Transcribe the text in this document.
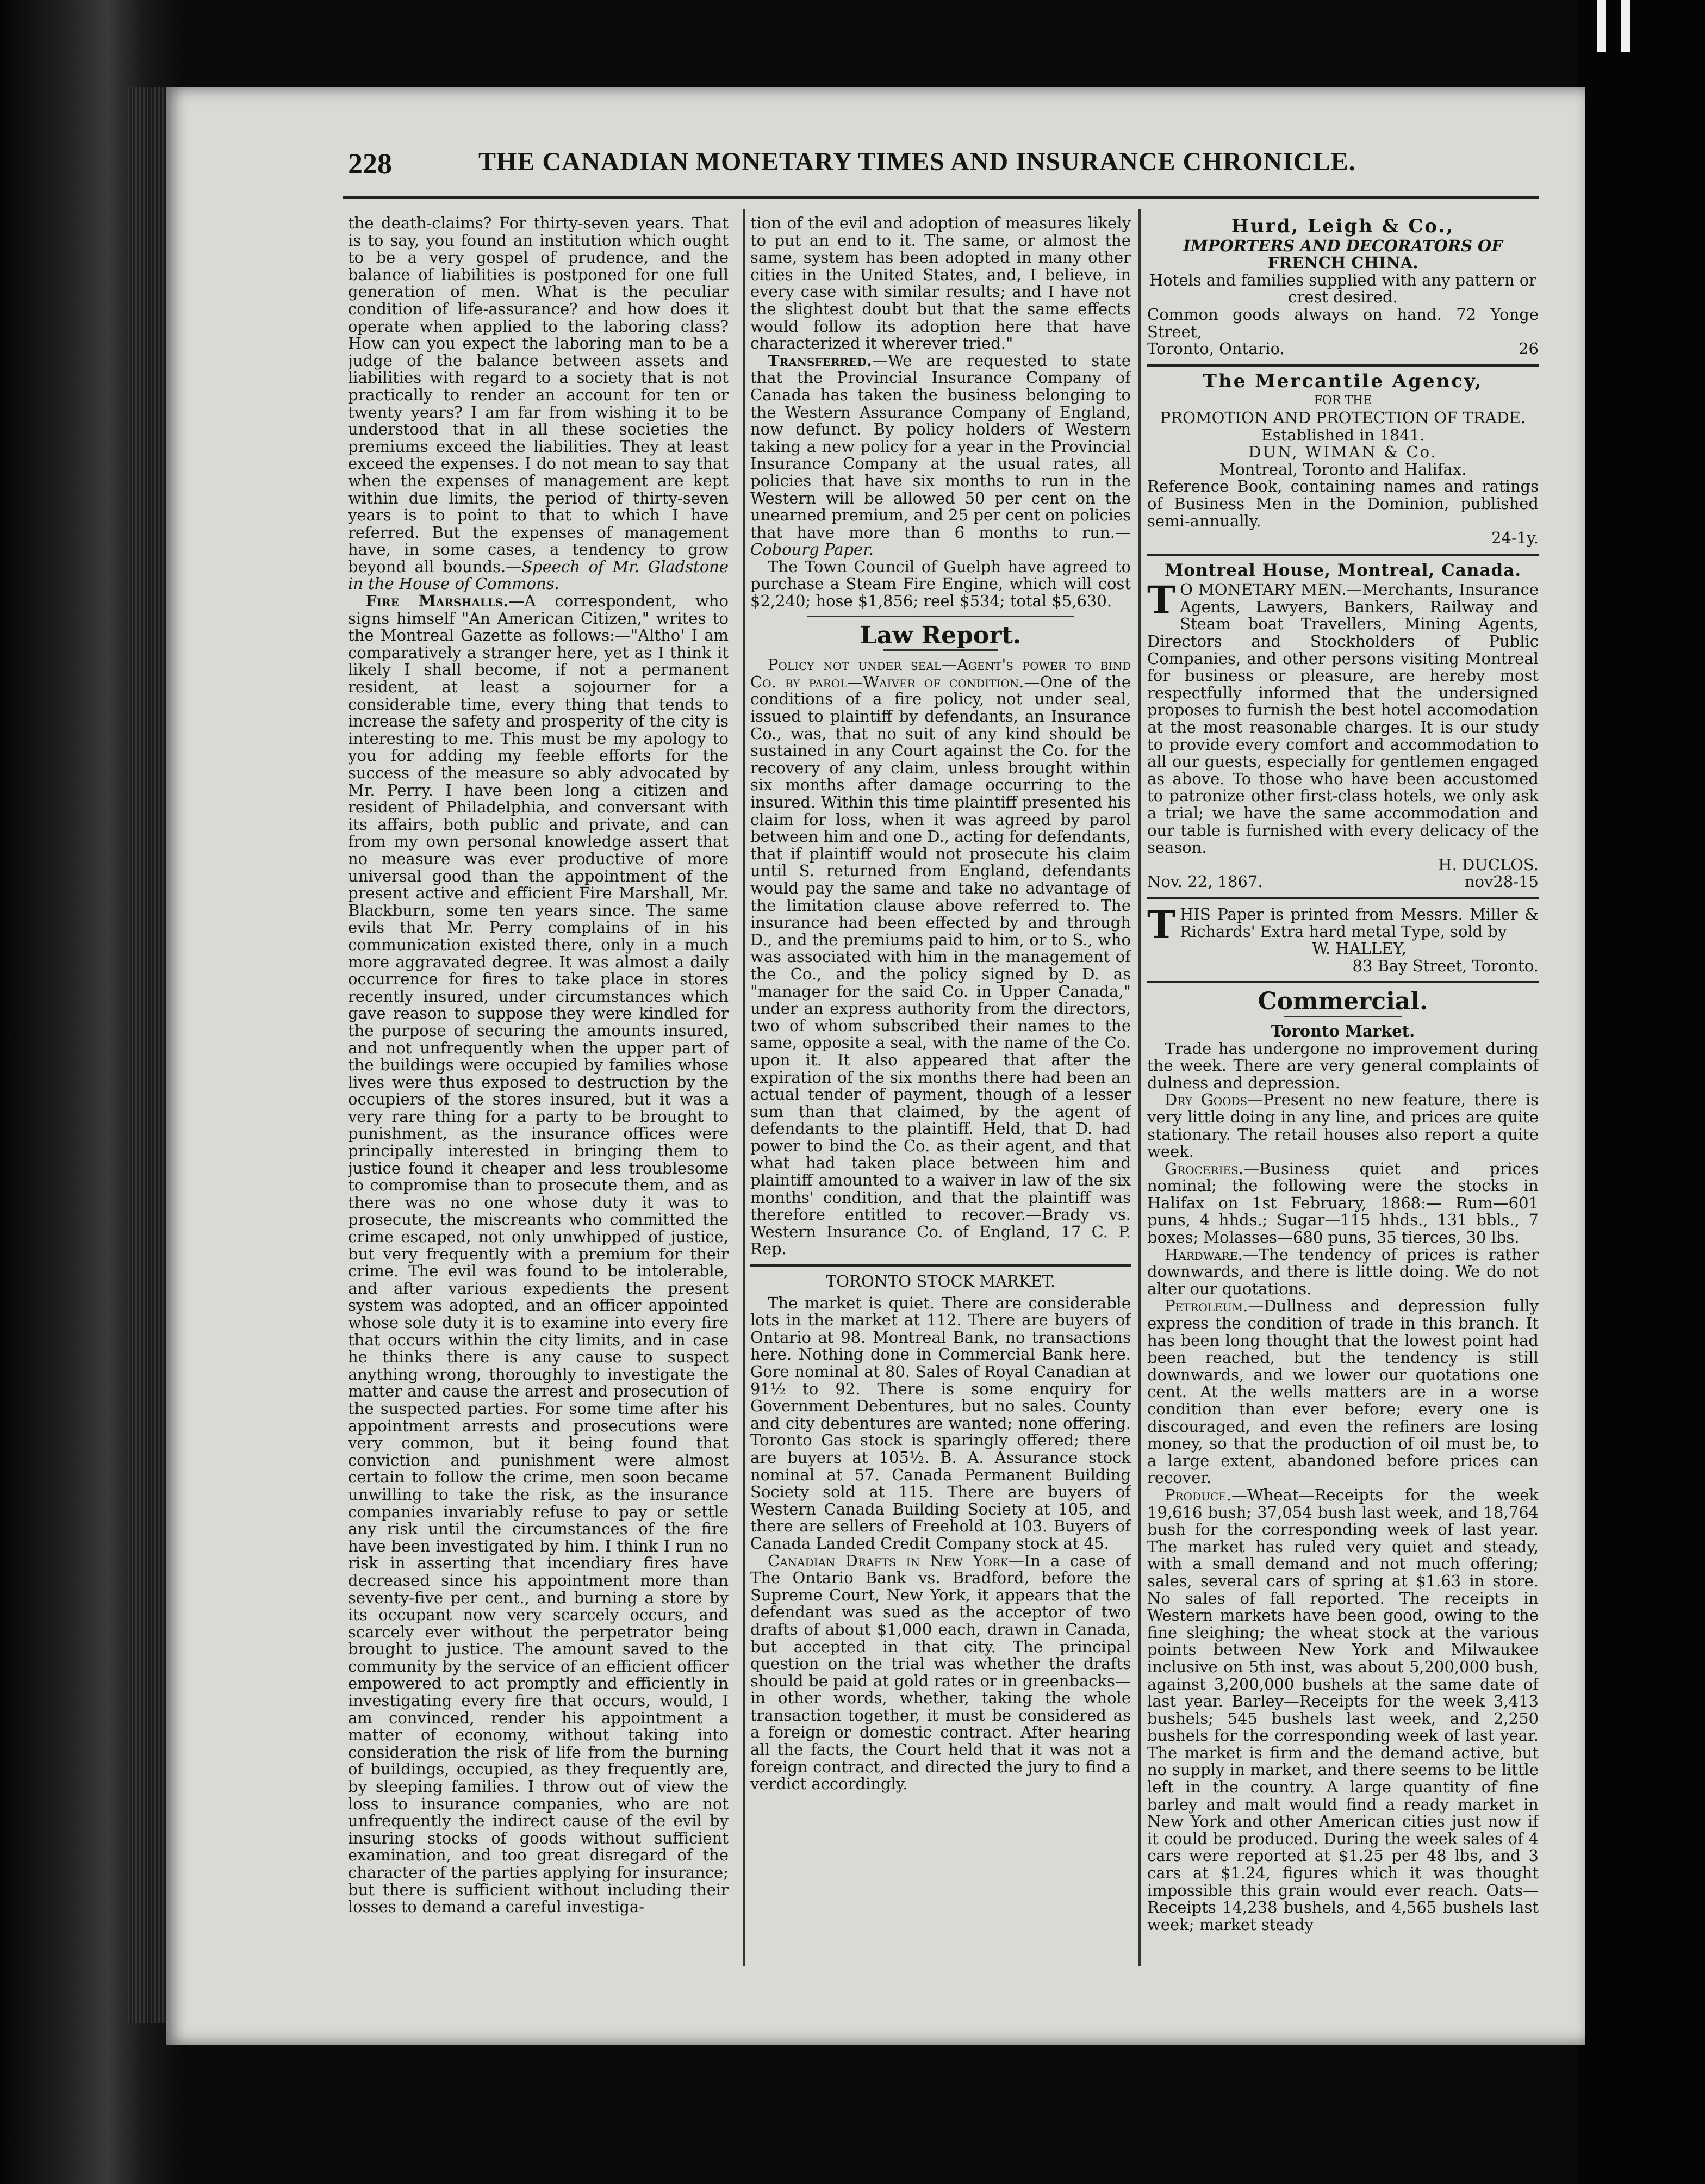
228	THE CANADIAN MONETARY TIMES AND INSURANCE CHRONICLE.

the death-claims? For thirty-seven years. That is to say, you found an institution which ought to be a very gospel of prudence, and the balance of liabilities is postponed for one full generation of men. What is the peculiar condition of life-assurance? and how does it operate when applied to the laboring class? How can you expect the laboring man to be a judge of the balance between assets and liabilities with regard to a society that is not practically to render an account for ten or twenty years? I am far from wishing it to be understood that in all these societies the premiums exceed the liabilities. They at least exceed the expenses. I do not mean to say that when the expenses of management are kept within due limits, the period of thirty-seven years is to point to that to which I have referred. But the expenses of management have, in some cases, a tendency to grow beyond all bounds.—Speech of Mr. Gladstone in the House of Commons.

Fire Marshalls.—A correspondent, who signs himself "An American Citizen," writes to the Montreal Gazette as follows:—"Altho' I am comparatively a stranger here, yet as I think it likely I shall become, if not a permanent resident, at least a sojourner for a considerable time, every thing that tends to increase the safety and prosperity of the city is interesting to me. This must be my apology to you for adding my feeble efforts for the success of the measure so ably advocated by Mr. Perry. I have been long a citizen and resident of Philadelphia, and conversant with its affairs, both public and private, and can from my own personal knowledge assert that no measure was ever productive of more universal good than the appointment of the present active and efficient Fire Marshall, Mr. Blackburn, some ten years since. The same evils that Mr. Perry complains of in his communication existed there, only in a much more aggravated degree. It was almost a daily occurrence for fires to take place in stores recently insured, under circumstances which gave reason to suppose they were kindled for the purpose of securing the amounts insured, and not unfrequently when the upper part of the buildings were occupied by families whose lives were thus exposed to destruction by the occupiers of the stores insured, but it was a very rare thing for a party to be brought to punishment, as the insurance offices were principally interested in bringing them to justice found it cheaper and less troublesome to compromise than to prosecute them, and as there was no one whose duty it was to prosecute, the miscreants who committed the crime escaped, not only unwhipped of justice, but very frequently with a premium for their crime. The evil was found to be intolerable, and after various expedients the present system was adopted, and an officer appointed whose sole duty it is to examine into every fire that occurs within the city limits, and in case he thinks there is any cause to suspect anything wrong, thoroughly to investigate the matter and cause the arrest and prosecution of the suspected parties. For some time after his appointment arrests and prosecutions were very common, but it being found that conviction and punishment were almost certain to follow the crime, men soon became unwilling to take the risk, as the insurance companies invariably refuse to pay or settle any risk until the circumstances of the fire have been investigated by him. I think I run no risk in asserting that incendiary fires have decreased since his appointment more than seventy-five per cent., and burning a store by its occupant now very scarcely occurs, and scarcely ever without the perpetrator being brought to justice. The amount saved to the community by the service of an efficient officer empowered to act promptly and efficiently in investigating every fire that occurs, would, I am convinced, render his appointment a matter of economy, without taking into consideration the risk of life from the burning of buildings, occupied, as they frequently are, by sleeping families. I throw out of view the loss to insurance companies, who are not unfrequently the indirect cause of the evil by insuring stocks of goods without sufficient examination, and too great disregard of the character of the parties applying for insurance; but there is sufficient without including their losses to demand a careful investiga-

tion of the evil and adoption of measures likely to put an end to it. The same, or almost the same, system has been adopted in many other cities in the United States, and, I believe, in every case with similar results; and I have not the slightest doubt but that the same effects would follow its adoption here that have characterized it wherever tried."

Transferred.—We are requested to state that the Provincial Insurance Company of Canada has taken the business belonging to the Western Assurance Company of England, now defunct. By policy holders of Western taking a new policy for a year in the Provincial Insurance Company at the usual rates, all policies that have six months to run in the Western will be allowed 50 per cent on the unearned premium, and 25 per cent on policies that have more than 6 months to run.—Cobourg Paper.

The Town Council of Guelph have agreed to purchase a Steam Fire Engine, which will cost $2,240; hose $1,856; reel $534; total $5,630.

Law Report.

Policy not under seal—Agent's power to bind Co. by parol—Waiver of condition.—One of the conditions of a fire policy, not under seal, issued to plaintiff by defendants, an Insurance Co., was, that no suit of any kind should be sustained in any Court against the Co. for the recovery of any claim, unless brought within six months after damage occurring to the insured. Within this time plaintiff presented his claim for loss, when it was agreed by parol between him and one D., acting for defendants, that if plaintiff would not prosecute his claim until S. returned from England, defendants would pay the same and take no advantage of the limitation clause above referred to. The insurance had been effected by and through D., and the premiums paid to him, or to S., who was associated with him in the management of the Co., and the policy signed by D. as "manager for the said Co. in Upper Canada," under an express authority from the directors, two of whom subscribed their names to the same, opposite a seal, with the name of the Co. upon it. It also appeared that after the expiration of the six months there had been an actual tender of payment, though of a lesser sum than that claimed, by the agent of defendants to the plaintiff. Held, that D. had power to bind the Co. as their agent, and that what had taken place between him and plaintiff amounted to a waiver in law of the six months' condition, and that the plaintiff was therefore entitled to recover.—Brady vs. Western Insurance Co. of England, 17 C. P. Rep.

TORONTO STOCK MARKET.

The market is quiet. There are considerable lots in the market at 112. There are buyers of Ontario at 98. Montreal Bank, no transactions here. Nothing done in Commercial Bank here. Gore nominal at 80. Sales of Royal Canadian at 91½ to 92. There is some enquiry for Government Debentures, but no sales. County and city debentures are wanted; none offering. Toronto Gas stock is sparingly offered; there are buyers at 105½. B. A. Assurance stock nominal at 57. Canada Permanent Building Society sold at 115. There are buyers of Western Canada Building Society at 105, and there are sellers of Freehold at 103. Buyers of Canada Landed Credit Company stock at 45.

Canadian Drafts in New York—In a case of The Ontario Bank vs. Bradford, before the Supreme Court, New York, it appears that the defendant was sued as the acceptor of two drafts of about $1,000 each, drawn in Canada, but accepted in that city. The principal question on the trial was whether the drafts should be paid at gold rates or in greenbacks—in other words, whether, taking the whole transaction together, it must be considered as a foreign or domestic contract. After hearing all the facts, the Court held that it was not a foreign contract, and directed the jury to find a verdict accordingly.

Hurd, Leigh & Co.,

IMPORTERS AND DECORATORS OF

FRENCH CHINA.

Hotels and families supplied with any pattern or crest desired.

Common goods always on hand. 72 Yonge Street,

Toronto, Ontario.	26

The Mercantile Agency,

FOR THE

PROMOTION AND PROTECTION OF TRADE.

Established in 1841.

DUN, WIMAN & Co.

Montreal, Toronto and Halifax.

Reference Book, containing names and ratings of Business Men in the Dominion, published semi-annually.

24-1y.

Montreal House, Montreal, Canada.

T O MONETARY MEN.—Merchants, Insurance Agents, Lawyers, Bankers, Railway and Steam boat Travellers, Mining Agents, Directors and Stockholders of Public Companies, and other persons visiting Montreal for business or pleasure, are hereby most respectfully informed that the undersigned proposes to furnish the best hotel accomodation at the most reasonable charges. It is our study to provide every comfort and accommodation to all our guests, especially for gentlemen engaged as above. To those who have been accustomed to patronize other first-class hotels, we only ask a trial; we have the same accommodation and our table is furnished with every delicacy of the season.

H. DUCLOS.

Nov. 22, 1867.	nov28-15

THIS Paper is printed from Messrs. Miller & Richards' Extra hard metal Type, sold by

W. HALLEY,

83 Bay Street, Toronto.

Commercial.

Toronto Market.

Trade has undergone no improvement during the week. There are very general complaints of dulness and depression.

Dry Goods—Present no new feature, there is very little doing in any line, and prices are quite stationary. The retail houses also report a quite week.

Groceries.—Business quiet and prices nominal; the following were the stocks in Halifax on 1st February, 1868:— Rum—601 puns, 4 hhds.; Sugar—115 hhds., 131 bbls., 7 boxes; Molasses—680 puns, 35 tierces, 30 lbs.

Hardware.—The tendency of prices is rather downwards, and there is little doing. We do not alter our quotations.

Petroleum.—Dullness and depression fully express the condition of trade in this branch. It has been long thought that the lowest point had been reached, but the tendency is still downwards, and we lower our quotations one cent. At the wells matters are in a worse condition than ever before; every one is discouraged, and even the refiners are losing money, so that the production of oil must be, to a large extent, abandoned before prices can recover.

Produce.—Wheat—Receipts for the week 19,616 bush; 37,054 bush last week, and 18,764 bush for the corresponding week of last year. The market has ruled very quiet and steady, with a small demand and not much offering; sales, several cars of spring at $1.63 in store. No sales of fall reported. The receipts in Western markets have been good, owing to the fine sleighing; the wheat stock at the various points between New York and Milwaukee inclusive on 5th inst, was about 5,200,000 bush, against 3,200,000 bushels at the same date of last year. Barley—Receipts for the week 3,413 bushels; 545 bushels last week, and 2,250 bushels for the corresponding week of last year. The market is firm and the demand active, but no supply in market, and there seems to be little left in the country. A large quantity of fine barley and malt would find a ready market in New York and other American cities just now if it could be produced. During the week sales of 4 cars were reported at $1.25 per 48 lbs, and 3 cars at $1.24, figures which it was thought impossible this grain would ever reach. Oats—Receipts 14,238 bushels, and 4,565 bushels last week; market steady
